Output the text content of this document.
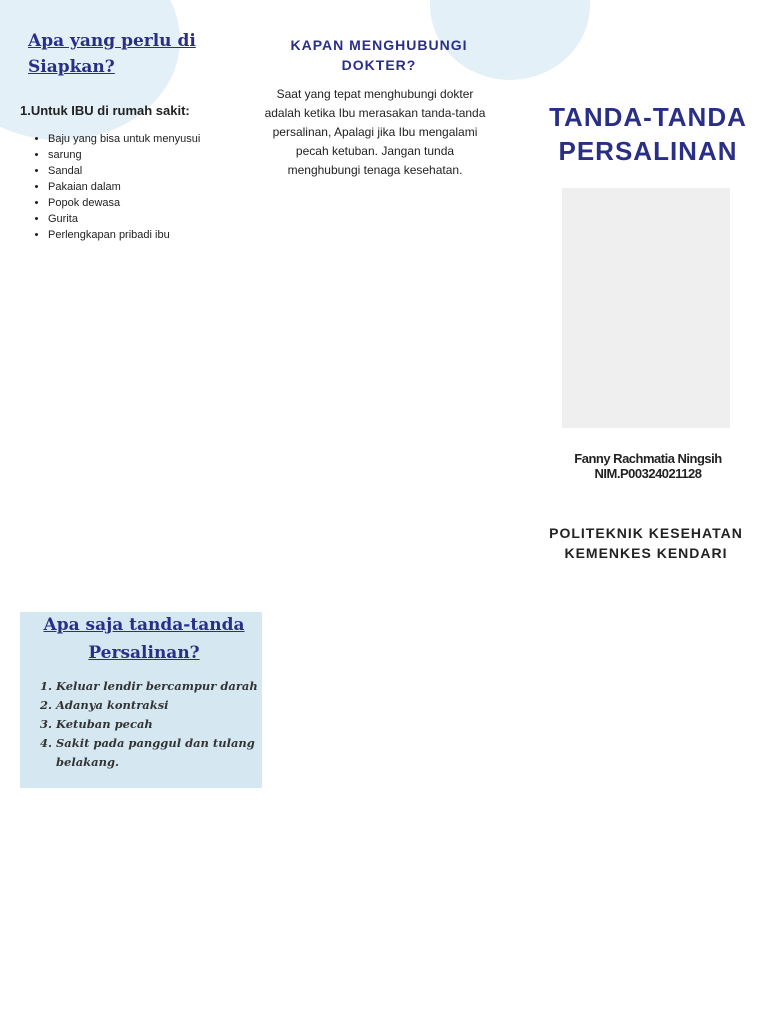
Apa yang perlu di Siapkan?
1.Untuk IBU di rumah sakit:
• Baju yang bisa untuk menyusui
• sarung
• Sandal
• Pakaian dalam
• Popok dewasa
• Gurita
• Perlengkapan pribadi ibu
KAPAN MENGHUBUNGI DOKTER?
Saat yang tepat menghubungi dokter adalah ketika Ibu merasakan tanda-tanda persalinan, Apalagi jika Ibu mengalami pecah ketuban. Jangan tunda menghubungi tenaga kesehatan.
TANDA-TANDA PERSALINAN
Fanny Rachmatia Ningsih
NIM.P00324021128
POLITEKNIK KESEHATAN KEMENKES KENDARI
Apa saja tanda-tanda Persalinan?
1. Keluar lendir bercampur darah
2. Adanya kontraksi
3. Ketuban pecah
4. Sakit pada panggul dan tulang belakang.
